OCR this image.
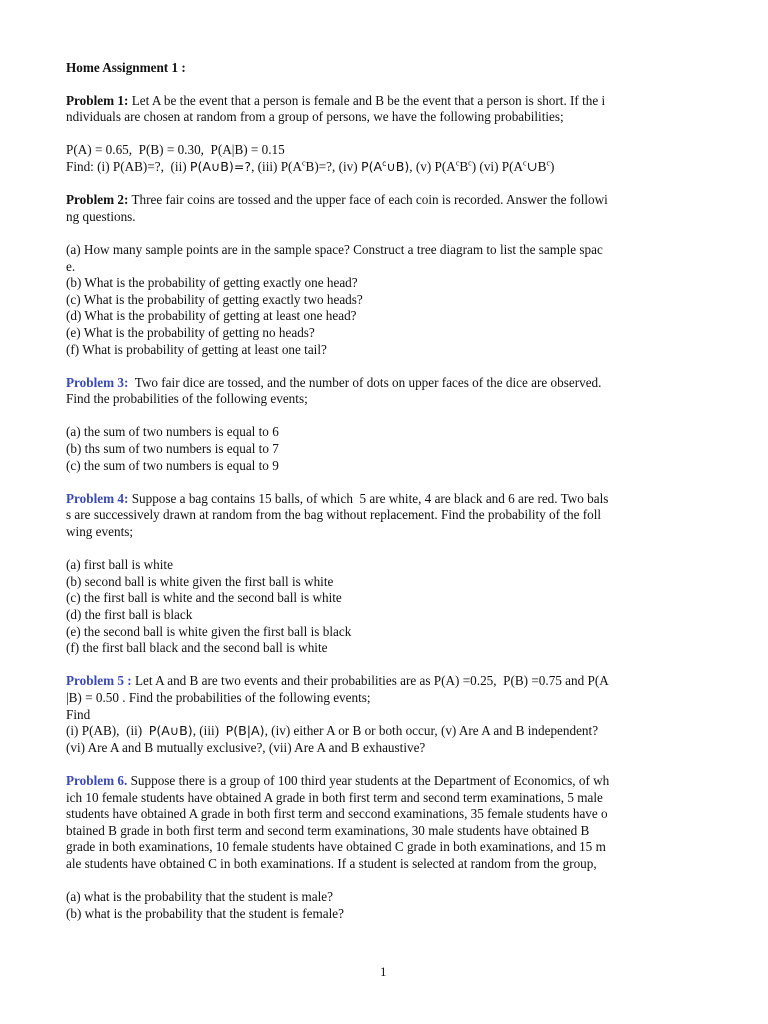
Home Assignment 1 :
Problem 1: Let A be the event that a person is female and B be the event that a person is short. If the i
ndividuals are chosen at random from a group of persons, we have the following probabilities;
P(A) = 0.65,  P(B) = 0.30,  P(A|B) = 0.15
Find: (i) P(AB)=?,  (ii) P(A∪B)=?, (iii) $P(A^cB)=$?, (iv) $P(A^c\cup B)$, (v) $P(A^cB^c)$ (vi) $P(A^c\cup B^c)$
Problem 2: Three fair coins are tossed and the upper face of each coin is recorded. Answer the followi
ng questions.
(a) How many sample points are in the sample space? Construct a tree diagram to list the sample spac
e.
(b) What is the probability of getting exactly one head?
(c) What is the probability of getting exactly two heads?
(d) What is the probability of getting at least one head?
(e) What is the probability of getting no heads?
(f) What is probability of getting at least one tail?
Problem 3:  Two fair dice are tossed, and the number of dots on upper faces of the dice are observed.
Find the probabilities of the following events;
(a) the sum of two numbers is equal to 6
(b) ths sum of two numbers is equal to 7
(c) the sum of two numbers is equal to 9
Problem 4: Suppose a bag contains 15 balls, of which  5 are white, 4 are black and 6 are red. Two bals
s are successively drawn at random from the bag without replacement. Find the probability of the foll
wing events;
(a) first ball is white
(b) second ball is white given the first ball is white
(c) the first ball is white and the second ball is white
(d) the first ball is black
(e) the second ball is white given the first ball is black
(f) the first ball black and the second ball is white
Problem 5 : Let A and B are two events and their probabilities are as P(A) =0.25,  P(B) =0.75 and P(A
|B) = 0.50 . Find the probabilities of the following events;
Find
(i) P(AB),  (ii)  P(A∪B), (iii)  P(B|A), (iv) either A or B or both occur, (v) Are A and B independent?
(vi) Are A and B mutually exclusive?, (vii) Are A and B exhaustive?
Problem 6. Suppose there is a group of 100 third year students at the Department of Economics, of wh
ich 10 female students have obtained A grade in both first term and second term examinations, 5 male
students have obtained A grade in both first term and seccond examinations, 35 female students have o
btained B grade in both first term and second term examinations, 30 male students have obtained B
grade in both examinations, 10 female students have obtained C grade in both examinations, and 15 m
ale students have obtained C in both examinations. If a student is selected at random from the group,
(a) what is the probability that the student is male?
(b) what is the probability that the student is female?
1
